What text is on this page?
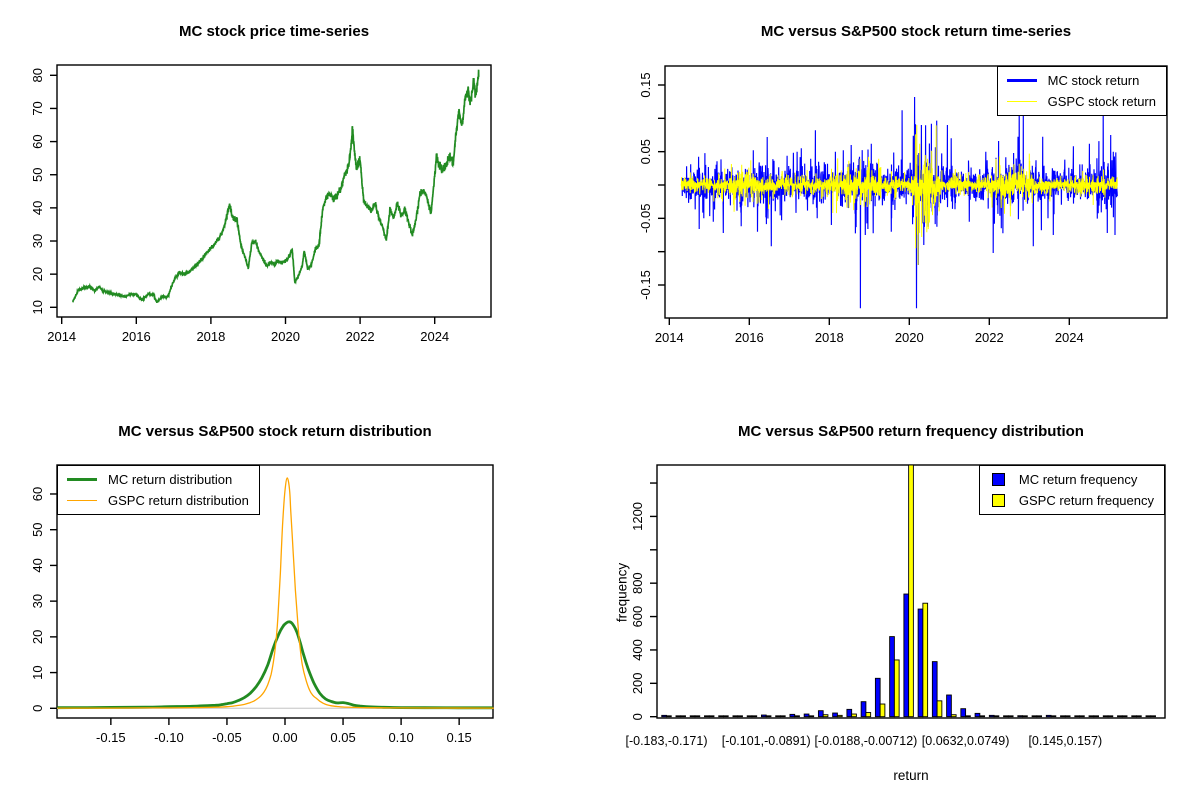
MC stock price time-series
2014	2016	2018	2020	2022	2024
10
20
30
40
50
60
70
80
MC versus S&P500 stock return time-series
2014	2016	2018	2020	2022	2024
0.15
0.05
-0.05
-0.15
MC stock return
GSPC stock return
MC versus S&P500 stock return distribution
-0.15 -0.10 -0.05 0.00	0.05	0.10	0.15
0
10
20
30
40
50
60
MC return distribution
GSPC return distribution
MC versus S&P500 return frequency distribution
0
200
400
600
800
1200
[-0.183,-0.171) [-0.101,-0.0891) [-0.0188,-0.00712) [0.0632,0.0749) [0.145,0.157)
frequency
return
MC return frequency
GSPC return frequency
